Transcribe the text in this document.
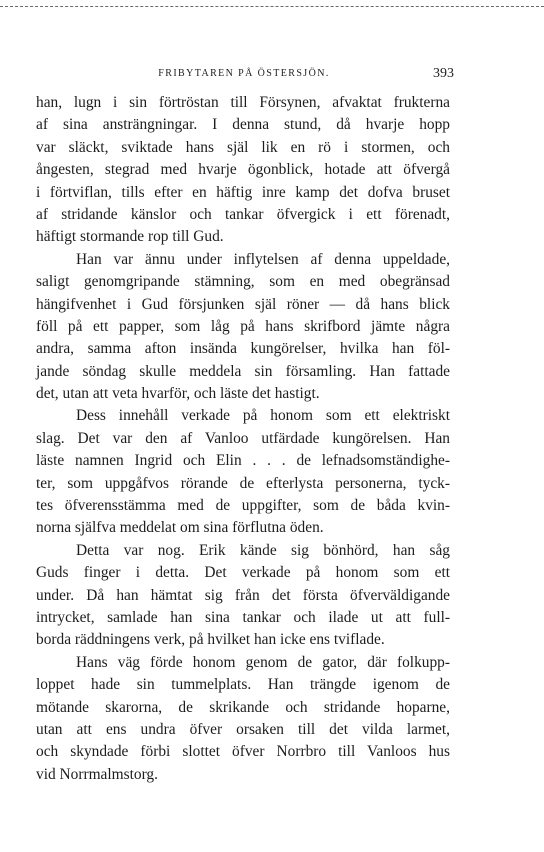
FRIBYTAREN PÅ ÖSTERSJÖN.	393

han, lugn i sin förtröstan till Försynen, afvaktat frukterna
af sina ansträngningar. I denna stund, då hvarje hopp
var släckt, sviktade hans själ lik en rö i stormen, och
ångesten, stegrad med hvarje ögonblick, hotade att öfvergå
i förtviflan, tills efter en häftig inre kamp det dofva bruset
af stridande känslor och tankar öfvergick i ett förenadt,
häftigt stormande rop till Gud.

Han var ännu under inflytelsen af denna uppeldade,
saligt genomgripande stämning, som en med obegränsad
hängifvenhet i Gud försjunken själ röner — då hans blick
föll på ett papper, som låg på hans skrifbord jämte några
andra, samma afton insända kungörelser, hvilka han föl-
jande söndag skulle meddela sin församling. Han fattade
det, utan att veta hvarför, och läste det hastigt.

Dess innehåll verkade på honom som ett elektriskt
slag. Det var den af Vanloo utfärdade kungörelsen. Han
läste namnen Ingrid och Elin . . . de lefnadsomständighe-
ter, som uppgåfvos rörande de efterlysta personerna, tyck-
tes öfverensstämma med de uppgifter, som de båda kvin-
norna själfva meddelat om sina förflutna öden.

Detta var nog. Erik kände sig bönhörd, han såg
Guds finger i detta. Det verkade på honom som ett
under. Då han hämtat sig från det första öfverväldigande
intrycket, samlade han sina tankar och ilade ut att full-
borda räddningens verk, på hvilket han icke ens tviflade.

Hans väg förde honom genom de gator, där folkupp-
loppet hade sin tummelplats. Han trängde igenom de
mötande skarorna, de skrikande och stridande hoparne,
utan att ens undra öfver orsaken till det vilda larmet,
och skyndade förbi slottet öfver Norrbro till Vanloos hus
vid Norrmalmstorg.
